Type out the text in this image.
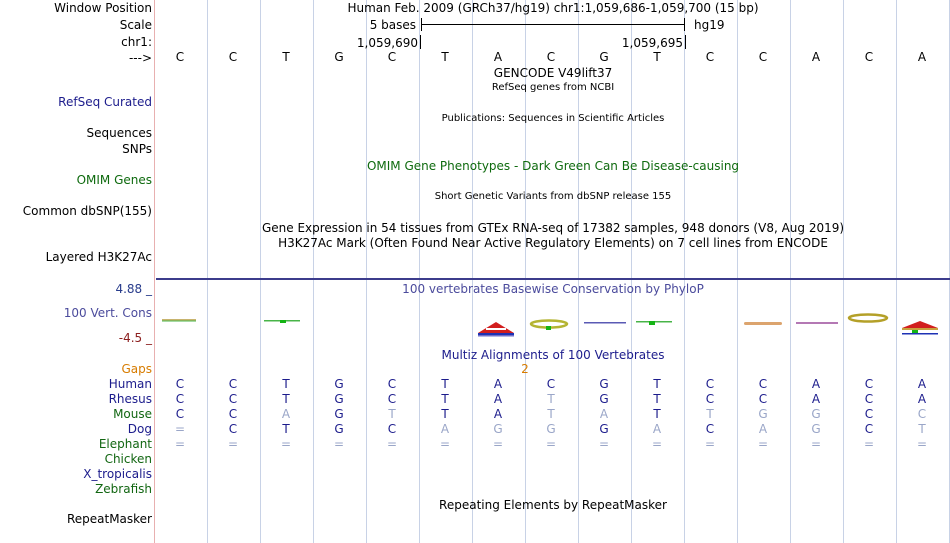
Window Position	Human Feb. 2009 (GRCh37/hg19) chr1:1,059,686-1,059,700 (15 bp)
Scale	5 bases	hg19
chr1:	1,059,690	1,059,695
---> C	C	T	G	C	T	A	C	G	T	C	C	A	C	A
GENCODE V49lift37
RefSeq genes from NCBI
RefSeq Curated
Publications: Sequences in Scientific Articles
Sequences
SNPs
OMIM Gene Phenotypes - Dark Green Can Be Disease-causing
OMIM Genes
Short Genetic Variants from dbSNP release 155
Common dbSNP(155)
Gene Expression in 54 tissues from GTEx RNA-seq of 17382 samples, 948 donors (V8, Aug 2019)
H3K27Ac Mark (Often Found Near Active Regulatory Elements) on 7 cell lines from ENCODE
Layered H3K27Ac
4.88 _	100 vertebrates Basewise Conservation by PhyloP
100 Vert. Cons
-4.5 _
Multiz Alignments of 100 Vertebrates
Gaps	2
Human C	C	T	G	C	T	A	C	G	T	C	C	A	C	A
Rhesus C	C	T	G	C	T	A	T	G	T	C	C	A	C	A
Mouse C	C	A	G	T	T	A	T	A	T	T	G	G	C	C
Dog =	C	T	G	C	A	G	G	G	A	C	A	G	C	T
Elephant =	=	=	=	=	=	=	=	=	=	=	=	=	=	=
Chicken
X_tropicalis
Zebrafish
Repeating Elements by RepeatMasker
RepeatMasker
